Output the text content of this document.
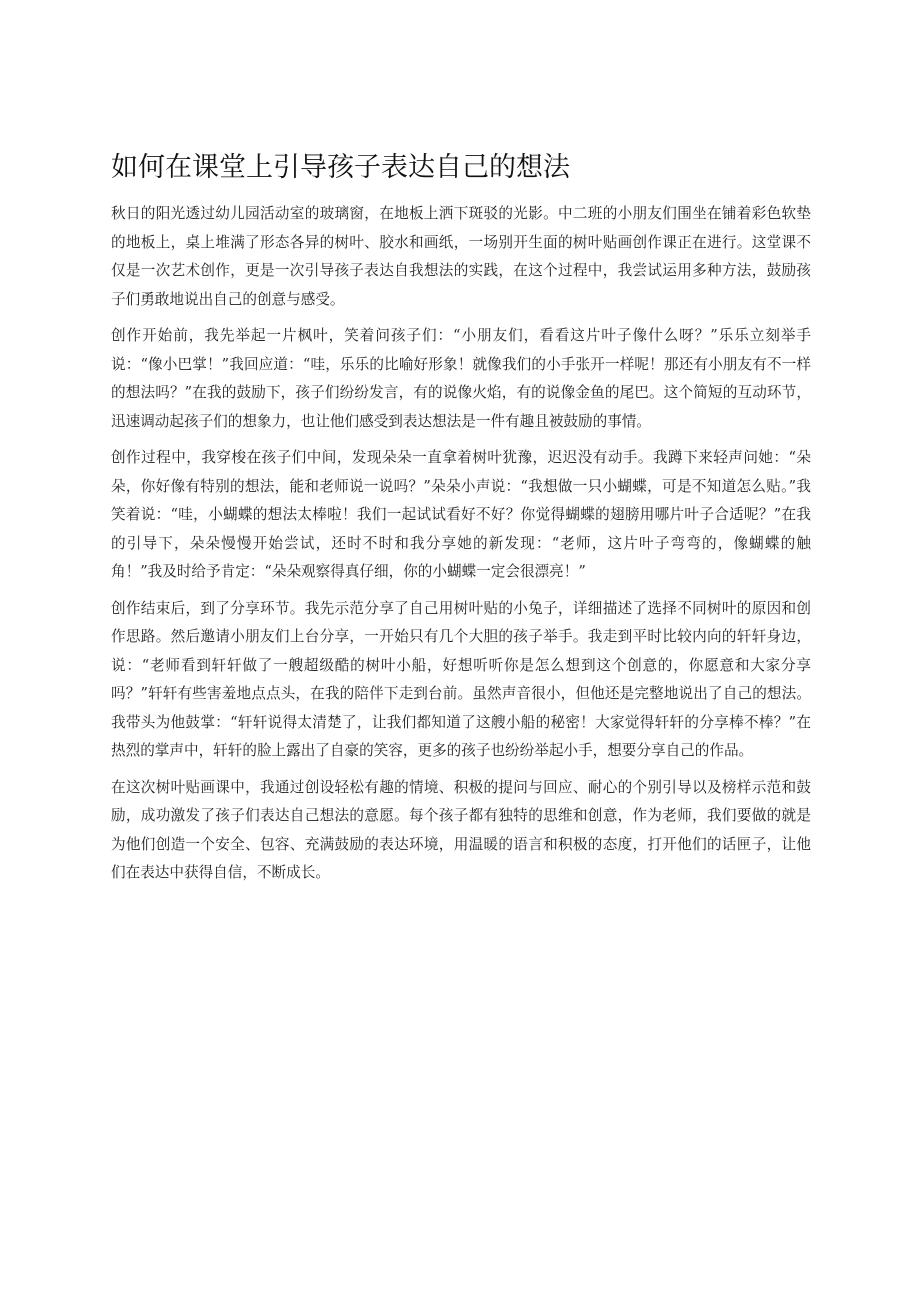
如何在课堂上引导孩子表达自己的想法

秋日的阳光透过幼儿园活动室的玻璃窗，在地板上洒下斑驳的光影。中二班的小朋友们围坐在铺着彩色软垫的地板上，桌上堆满了形态各异的树叶、胶水和画纸，一场别开生面的树叶贴画创作课正在进行。这堂课不仅是一次艺术创作，更是一次引导孩子表达自我想法的实践，在这个过程中，我尝试运用多种方法，鼓励孩子们勇敢地说出自己的创意与感受。

创作开始前，我先举起一片枫叶，笑着问孩子们：“小朋友们，看看这片叶子像什么呀？”乐乐立刻举手说：“像小巴掌！”我回应道：“哇，乐乐的比喻好形象！就像我们的小手张开一样呢！那还有小朋友有不一样的想法吗？”在我的鼓励下，孩子们纷纷发言，有的说像火焰，有的说像金鱼的尾巴。这个简短的互动环节，迅速调动起孩子们的想象力，也让他们感受到表达想法是一件有趣且被鼓励的事情。

创作过程中，我穿梭在孩子们中间，发现朵朵一直拿着树叶犹豫，迟迟没有动手。我蹲下来轻声问她：“朵朵，你好像有特别的想法，能和老师说一说吗？”朵朵小声说：“我想做一只小蝴蝶，可是不知道怎么贴。”我笑着说：“哇，小蝴蝶的想法太棒啦！我们一起试试看好不好？你觉得蝴蝶的翅膀用哪片叶子合适呢？”在我的引导下，朵朵慢慢开始尝试，还时不时和我分享她的新发现：“老师，这片叶子弯弯的，像蝴蝶的触角！”我及时给予肯定：“朵朵观察得真仔细，你的小蝴蝶一定会很漂亮！”

创作结束后，到了分享环节。我先示范分享了自己用树叶贴的小兔子，详细描述了选择不同树叶的原因和创作思路。然后邀请小朋友们上台分享，一开始只有几个大胆的孩子举手。我走到平时比较内向的轩轩身边，说：“老师看到轩轩做了一艘超级酷的树叶小船，好想听听你是怎么想到这个创意的，你愿意和大家分享吗？”轩轩有些害羞地点点头，在我的陪伴下走到台前。虽然声音很小，但他还是完整地说出了自己的想法。我带头为他鼓掌：“轩轩说得太清楚了，让我们都知道了这艘小船的秘密！大家觉得轩轩的分享棒不棒？”在热烈的掌声中，轩轩的脸上露出了自豪的笑容，更多的孩子也纷纷举起小手，想要分享自己的作品。

在这次树叶贴画课中，我通过创设轻松有趣的情境、积极的提问与回应、耐心的个别引导以及榜样示范和鼓励，成功激发了孩子们表达自己想法的意愿。每个孩子都有独特的思维和创意，作为老师，我们要做的就是为他们创造一个安全、包容、充满鼓励的表达环境，用温暖的语言和积极的态度，打开他们的话匣子，让他们在表达中获得自信，不断成长。
